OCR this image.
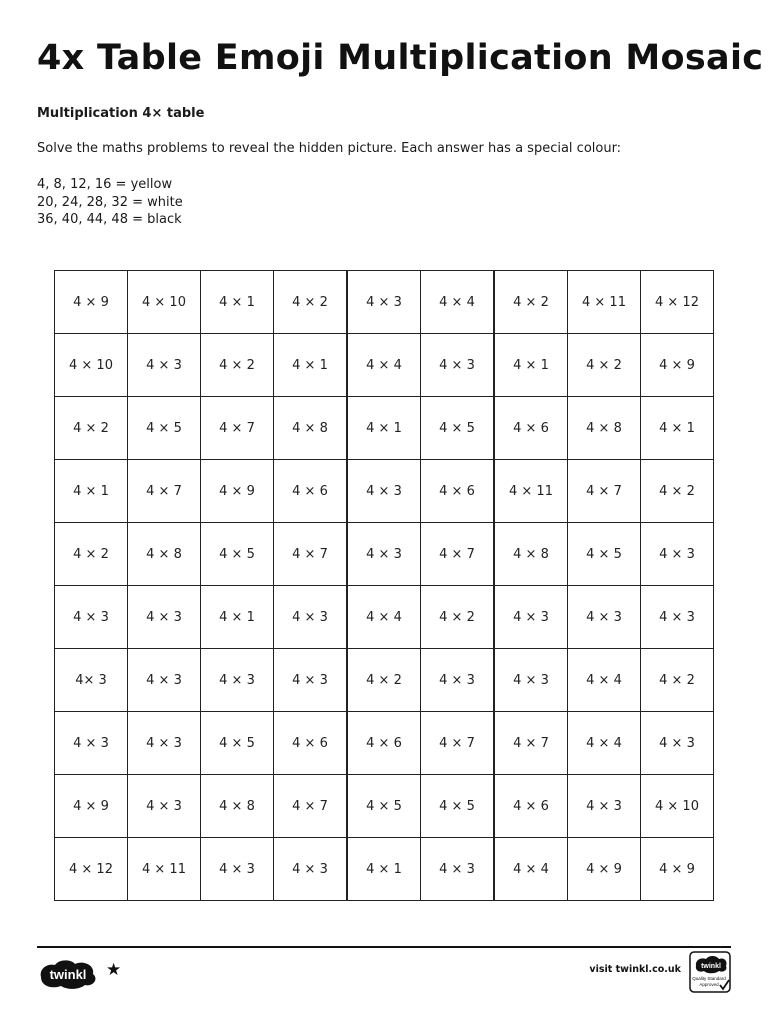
4x Table Emoji Multiplication Mosaic
Multiplication 4× table
Solve the maths problems to reveal the hidden picture. Each answer has a special colour:
4, 8, 12, 16 = yellow
20, 24, 28, 32 = white
36, 40, 44, 48 = black
4 × 9	4 × 10	4 × 1	4 × 2	4 × 3	4 × 4	4 × 2	4 × 11	4 × 12
4 × 10	4 × 3	4 × 2	4 × 1	4 × 4	4 × 3	4 × 1	4 × 2	4 × 9
4 × 2	4 × 5	4 × 7	4 × 8	4 × 1	4 × 5	4 × 6	4 × 8	4 × 1
4 × 1	4 × 7	4 × 9	4 × 6	4 × 3	4 × 6	4 × 11	4 × 7	4 × 2
4 × 2	4 × 8	4 × 5	4 × 7	4 × 3	4 × 7	4 × 8	4 × 5	4 × 3
4 × 3	4 × 3	4 × 1	4 × 3	4 × 4	4 × 2	4 × 3	4 × 3	4 × 3
4× 3	4 × 3	4 × 3	4 × 3	4 × 2	4 × 3	4 × 3	4 × 4	4 × 2
4 × 3	4 × 3	4 × 5	4 × 6	4 × 6	4 × 7	4 × 7	4 × 4	4 × 3
4 × 9	4 × 3	4 × 8	4 × 7	4 × 5	4 × 5	4 × 6	4 × 3	4 × 10
4 × 12	4 × 11	4 × 3	4 × 3	4 × 1	4 × 3	4 × 4	4 × 9	4 × 9
twinkl ★	visit twinkl.co.uk	twinkl
Quality Standard
Approved
